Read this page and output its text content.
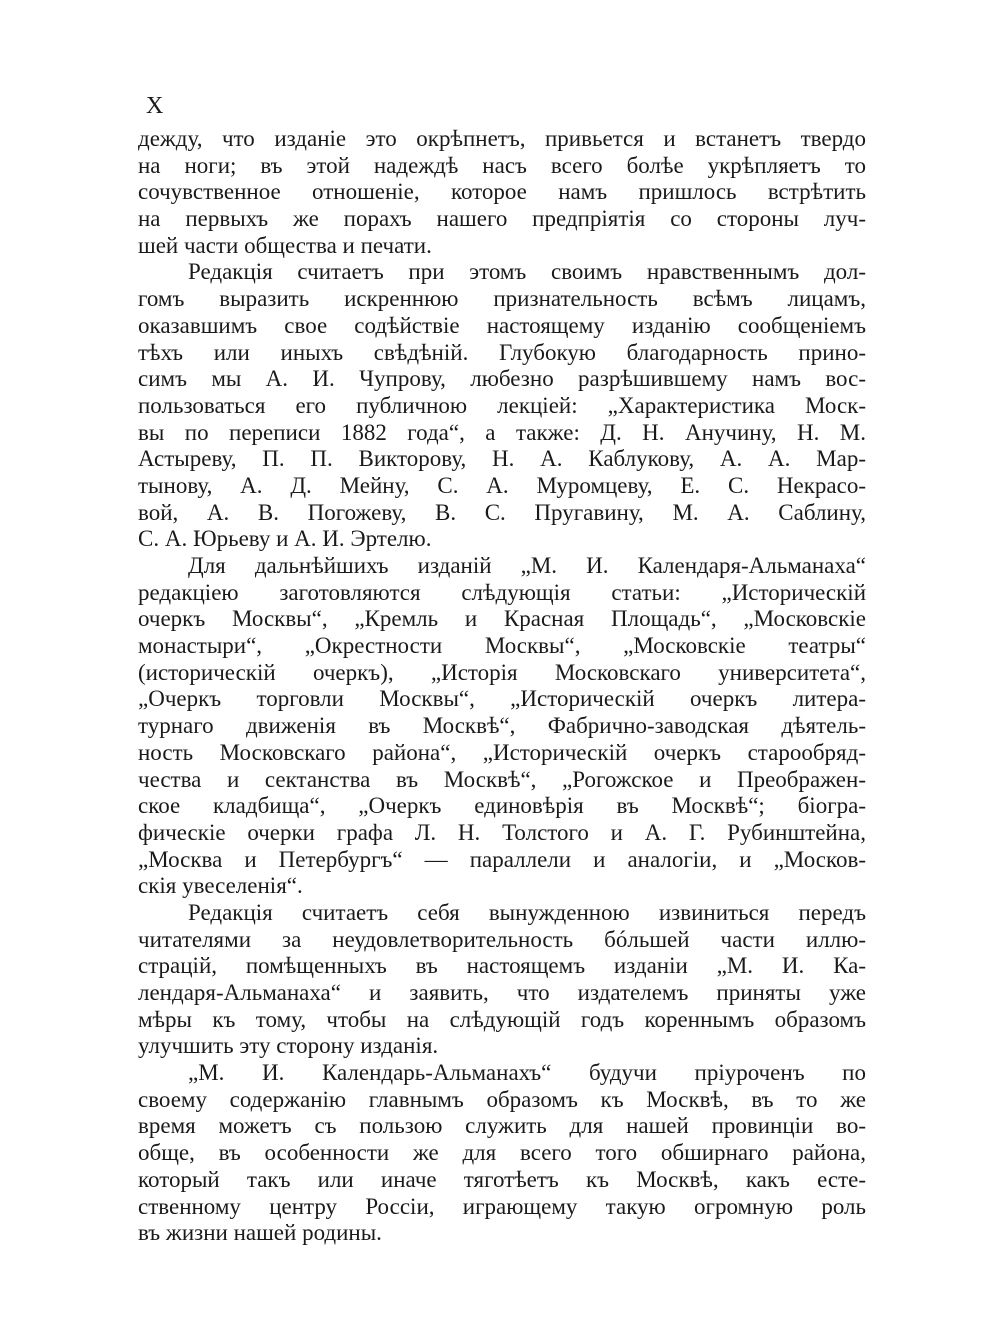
X
дежду, что изданіе это окрѣпнетъ, привьется и встанетъ твердо
на ноги; въ этой надеждѣ насъ всего болѣе укрѣпляетъ то
сочувственное отношеніе, которое намъ пришлось встрѣтить
на первыхъ же порахъ нашего предпріятія со стороны луч-
шей части общества и печати.
Редакція считаетъ при этомъ своимъ нравственнымъ дол-
гомъ выразить искреннюю признательность всѣмъ лицамъ,
оказавшимъ свое содѣйствіе настоящему изданію сообщеніемъ
тѣхъ или иныхъ свѣдѣній. Глубокую благодарность прино-
симъ мы А. И. Чупрову, любезно разрѣшившему намъ вос-
пользоваться его публичною лекціей: „Характеристика Моск-
вы по переписи 1882 года“, а также: Д. Н. Анучину, Н. М.
Астыреву, П. П. Викторову, Н. А. Каблукову, А. А. Мар-
тынову, А. Д. Мейну, С. А. Муромцеву, Е. С. Некрасо-
вой, А. В. Погожеву, В. С. Пругавину, М. А. Саблину,
С. А. Юрьеву и А. И. Эртелю.
Для дальнѣйшихъ изданій „М. И. Календаря-Альманаха“
редакціею заготовляются слѣдующія статьи: „Историческій
очеркъ Москвы“, „Кремль и Красная Площадь“, „Московскіе
монастыри“, „Окрестности Москвы“, „Московскіе театры“
(историческій очеркъ), „Исторія Московскаго университета“,
„Очеркъ торговли Москвы“, „Историческій очеркъ литера-
турнаго движенія въ Москвѣ“, Фабрично-заводская дѣятель-
ность Московскаго района“, „Историческій очеркъ старообряд-
чества и сектанства въ Москвѣ“, „Рогожское и Преображен-
ское кладбища“, „Очеркъ единовѣрія въ Москвѣ“; біогра-
фическіе очерки графа Л. Н. Толстого и А. Г. Рубинштейна,
„Москва и Петербургъ“ — параллели и аналогіи, и „Москов-
скія увеселенія“.
Редакція считаетъ себя вынужденною извиниться передъ
читателями за неудовлетворительность бóльшей части иллю-
страцій, помѣщенныхъ въ настоящемъ изданіи „М. И. Ка-
лендаря-Альманаха“ и заявить, что издателемъ приняты уже
мѣры къ тому, чтобы на слѣдующій годъ кореннымъ образомъ
улучшить эту сторону изданія.
„М. И. Календарь-Альманахъ“ будучи пріуроченъ по
своему содержанію главнымъ образомъ къ Москвѣ, въ то же
время можетъ съ пользою служить для нашей провинціи во-
обще, въ особенности же для всего того обширнаго района,
который такъ или иначе тяготѣетъ къ Москвѣ, какъ есте-
ственному центру Россіи, играющему такую огромную роль
въ жизни нашей родины.
